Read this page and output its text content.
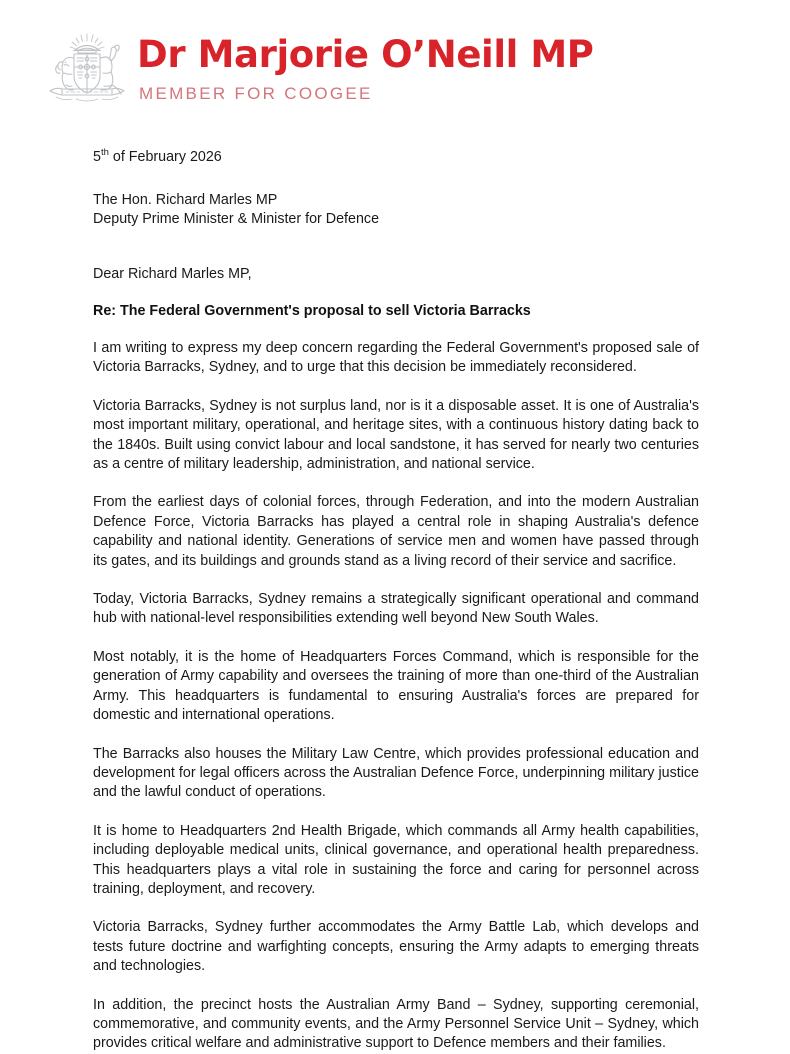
Dr Marjorie O’Neill MP
MEMBER FOR COOGEE

5th of February 2026

The Hon. Richard Marles MP

Deputy Prime Minister & Minister for Defence

Dear Richard Marles MP,

Re: The Federal Government's proposal to sell Victoria Barracks

I am writing to express my deep concern regarding the Federal Government's proposed sale of Victoria Barracks, Sydney, and to urge that this decision be immediately reconsidered.

Victoria Barracks, Sydney is not surplus land, nor is it a disposable asset. It is one of Australia's most important military, operational, and heritage sites, with a continuous history dating back to the 1840s. Built using convict labour and local sandstone, it has served for nearly two centuries as a centre of military leadership, administration, and national service.

From the earliest days of colonial forces, through Federation, and into the modern Australian Defence Force, Victoria Barracks has played a central role in shaping Australia's defence capability and national identity. Generations of service men and women have passed through its gates, and its buildings and grounds stand as a living record of their service and sacrifice.

Today, Victoria Barracks, Sydney remains a strategically significant operational and command hub with national-level responsibilities extending well beyond New South Wales.

Most notably, it is the home of Headquarters Forces Command, which is responsible for the generation of Army capability and oversees the training of more than one-third of the Australian Army. This headquarters is fundamental to ensuring Australia's forces are prepared for domestic and international operations.

The Barracks also houses the Military Law Centre, which provides professional education and development for legal officers across the Australian Defence Force, underpinning military justice and the lawful conduct of operations.

It is home to Headquarters 2nd Health Brigade, which commands all Army health capabilities, including deployable medical units, clinical governance, and operational health preparedness. This headquarters plays a vital role in sustaining the force and caring for personnel across training, deployment, and recovery.

Victoria Barracks, Sydney further accommodates the Army Battle Lab, which develops and tests future doctrine and warfighting concepts, ensuring the Army adapts to emerging threats and technologies.

In addition, the precinct hosts the Australian Army Band – Sydney, supporting ceremonial, commemorative, and community events, and the Army Personnel Service Unit – Sydney, which provides critical welfare and administrative support to Defence members and their families.
